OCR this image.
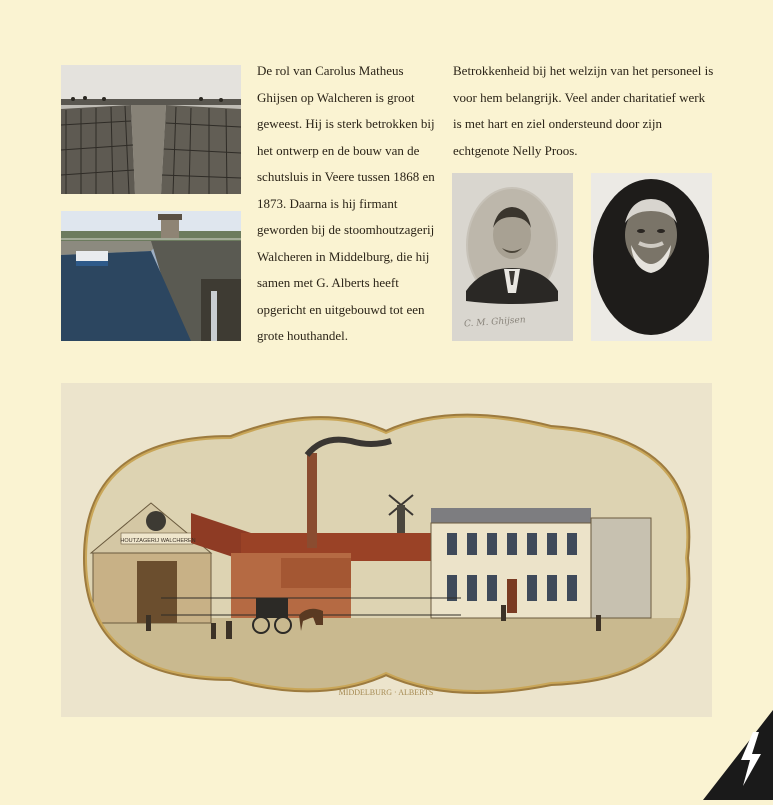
De rol van Carolus Matheus Ghijsen op Walcheren is groot geweest. Hij is sterk betrokken bij het ontwerp en de bouw van de schutsluis in Veere tussen 1868 en 1873. Daarna is hij firmant geworden bij de stoomhoutzagerij Walcheren in Middelburg, die hij samen met G. Alberts heeft opgericht en uitgebouwd tot een grote houthandel.

Betrokkenheid bij het welzijn van het personeel is voor hem belangrijk. Veel ander charitatief werk is met hart en ziel ondersteund door zijn echtgenote Nelly Proos.

C. M. Ghijsen
HOUTZAGERIJ WALCHEREN
MIDDELBURG · ALBERTS
